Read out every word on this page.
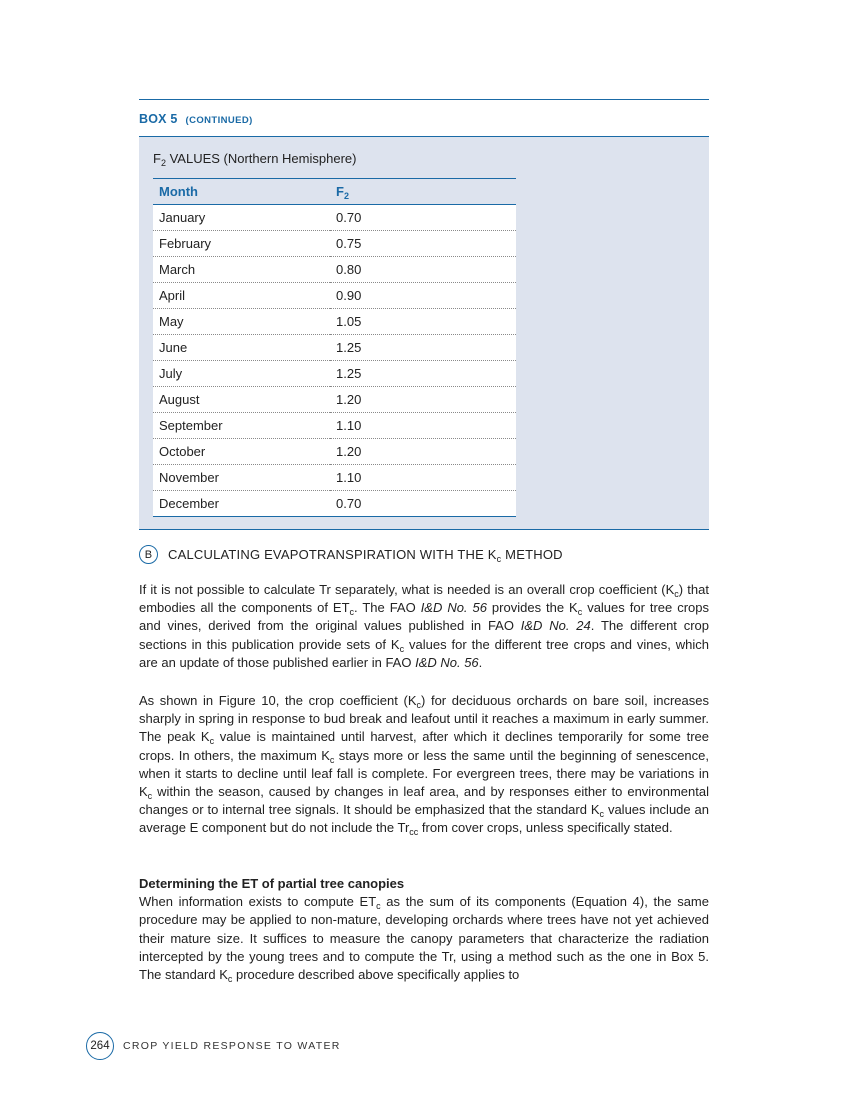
BOX 5 (CONTINUED)
$F_2$ VALUES (Northern Hemisphere)
Month	$F_2$
January	0.70
February	0.75
March	0.80
April	0.90
May	1.05
June	1.25
July	1.25
August	1.20
September	1.10
October	1.20
November	1.10
December	0.70
B	CALCULATING EVAPOTRANSPIRATION WITH THE $K_c$ METHOD
If it is not possible to calculate Tr separately, what is needed is an overall crop coefficient $(K_c)$ that embodies all the components of $ET_c$. The FAO I&D No. 56 provides the $K_c$ values for tree crops and vines, derived from the original values published in FAO I&D No. 24. The different crop sections in this publication provide sets of $K_c$ values for the different tree crops and vines, which are an update of those published earlier in FAO I&D No. 56.
As shown in Figure 10, the crop coefficient $(K_c)$ for deciduous orchards on bare soil, increases sharply in spring in response to bud break and leafout until it reaches a maximum in early summer. The peak $K_c$ value is maintained until harvest, after which it declines temporarily for some tree crops. In others, the maximum $K_c$ stays more or less the same until the beginning of senescence, when it starts to decline until leaf fall is complete. For evergreen trees, there may be variations in $K_c$ within the season, caused by changes in leaf area, and by responses either to environmental changes or to internal tree signals. It should be emphasized that the standard $K_c$ values include an average E component but do not include the $Tr_{cc}$ from cover crops, unless specifically stated.
Determining the ET of partial tree canopies
When information exists to compute $ET_c$ as the sum of its components (Equation 4), the same procedure may be applied to non-mature, developing orchards where trees have not yet achieved their mature size. It suffices to measure the canopy parameters that characterize the radiation intercepted by the young trees and to compute the Tr, using a method such as the one in Box 5. The standard $K_c$ procedure described above specifically applies to
264	CROP YIELD RESPONSE TO WATER
